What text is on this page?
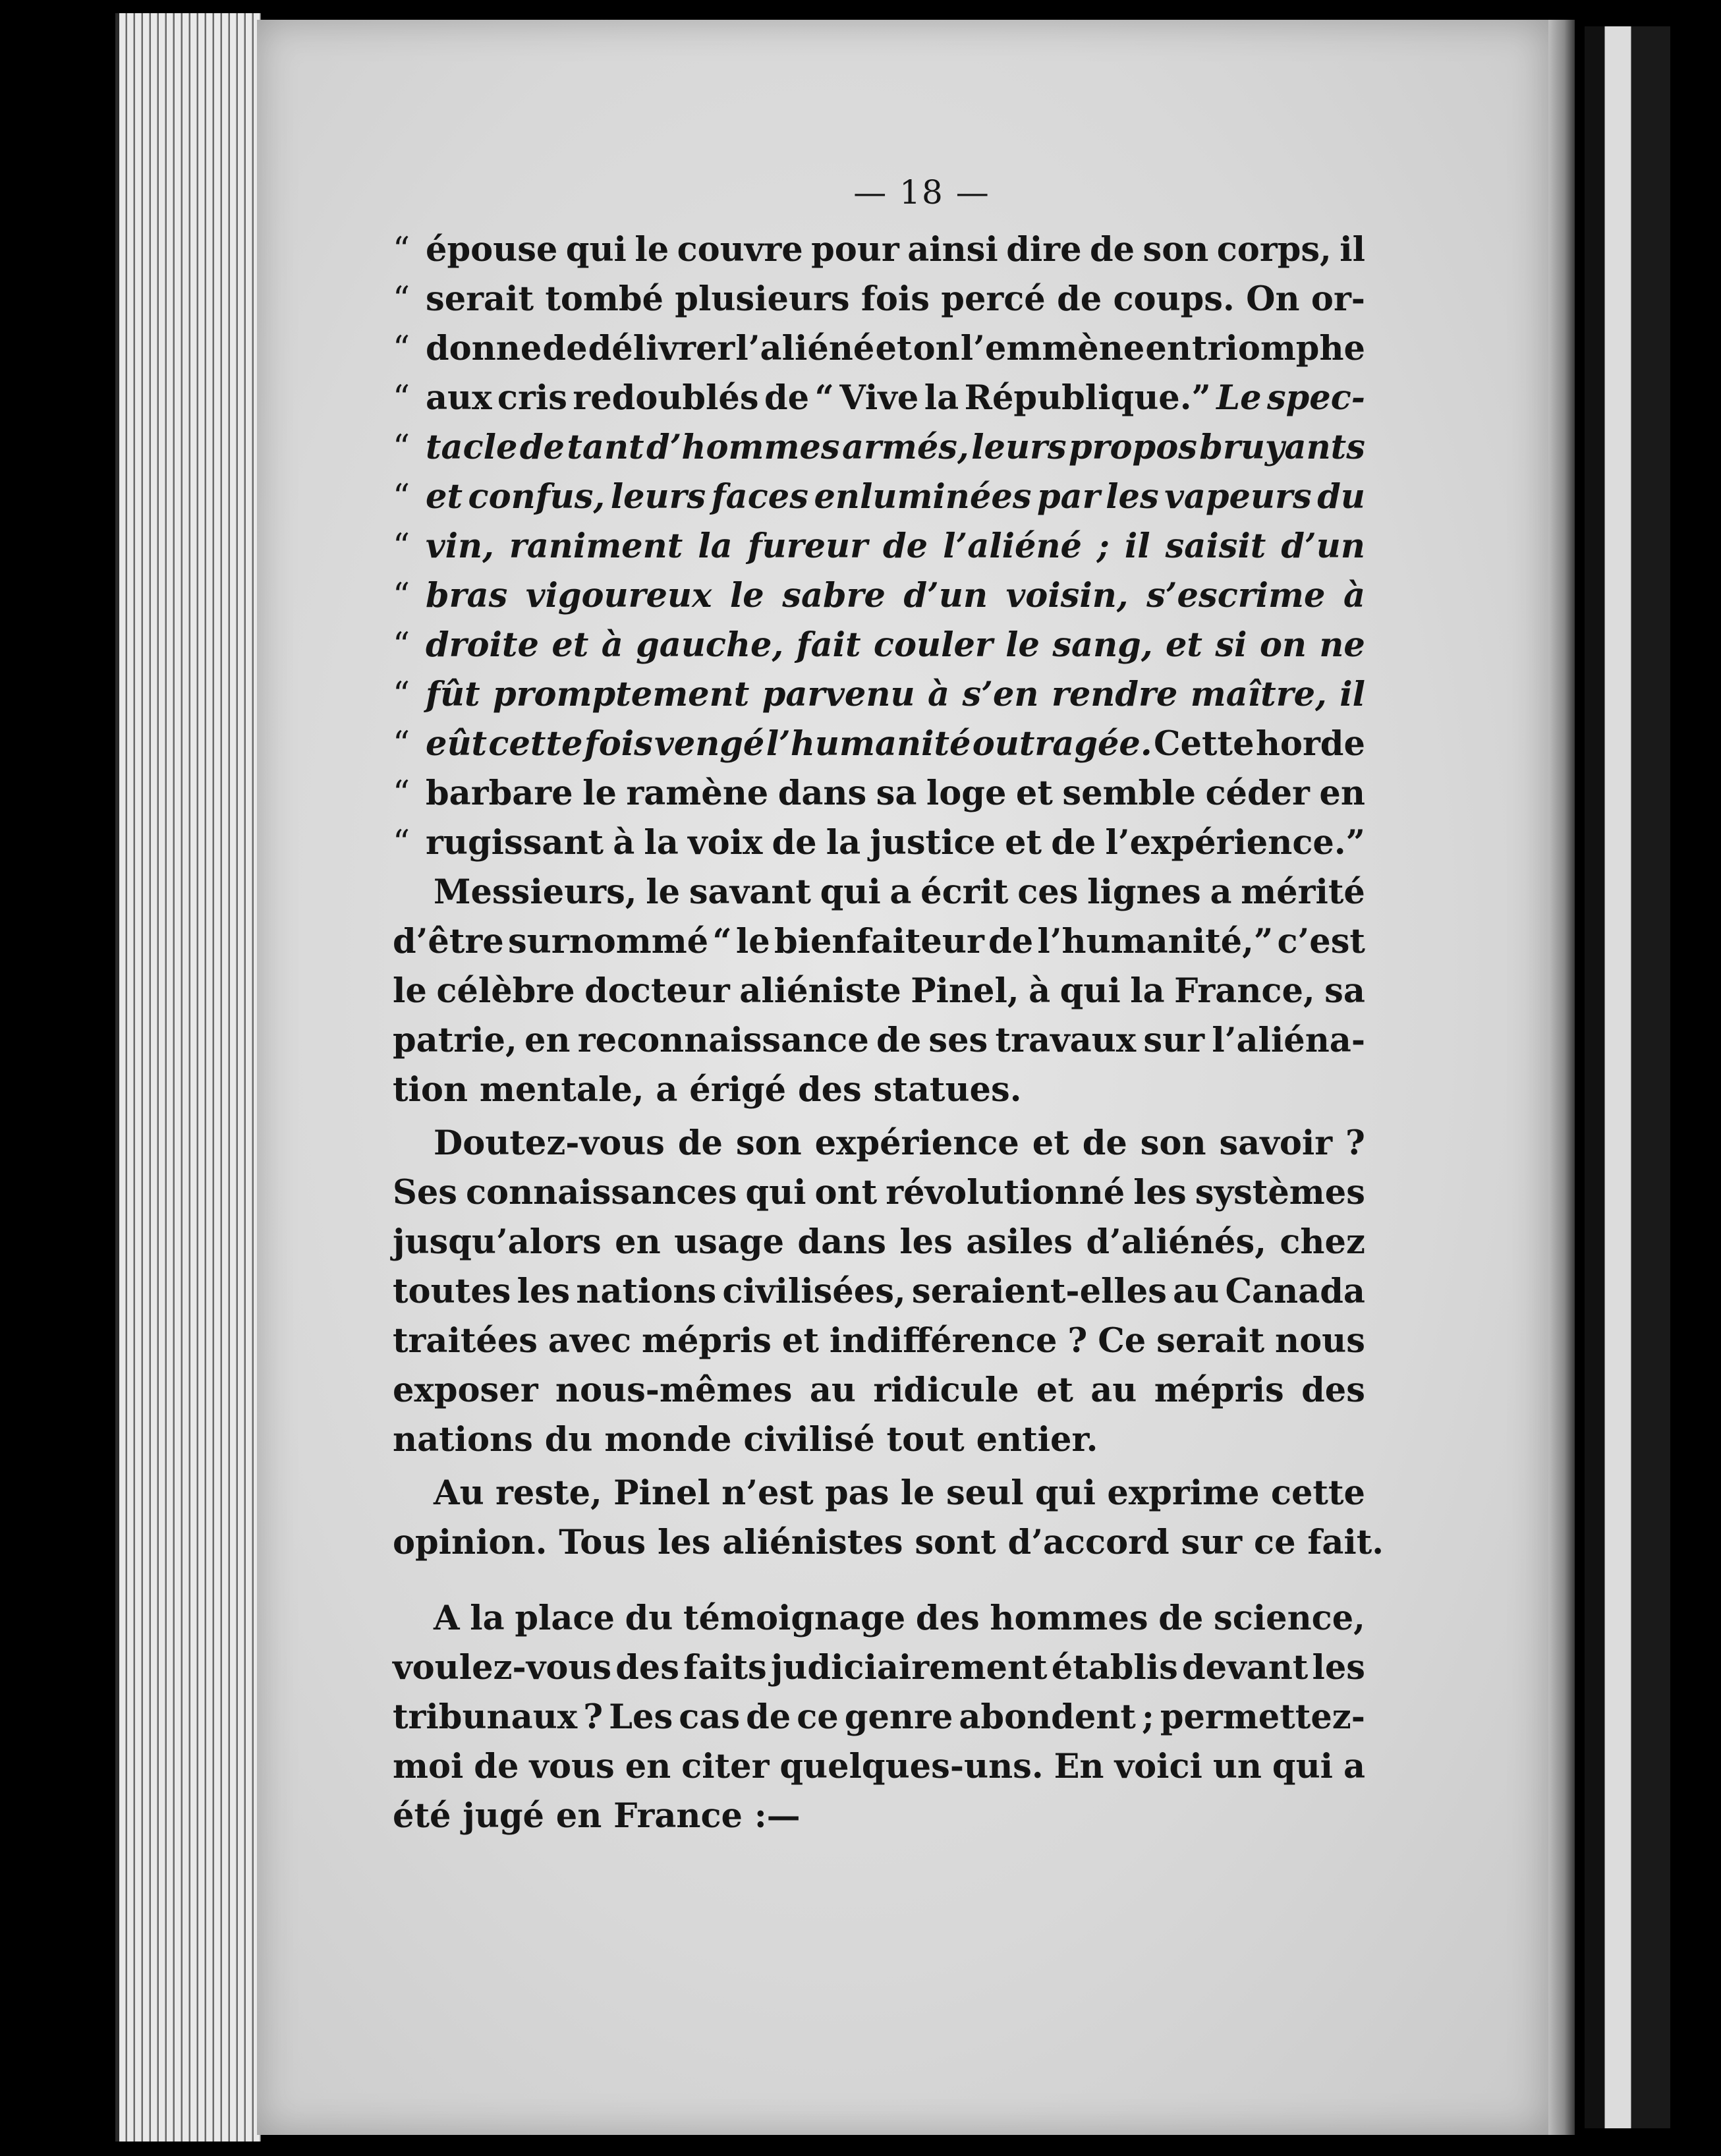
— 18 —
“ épouse qui le couvre pour ainsi dire de son corps, il
“ serait tombé plusieurs fois percé de coups. On or-
“ donne de délivrer l’aliéné et on l’emmène en triomphe
“ aux cris redoublés de “ Vive la République.” Le spec-
“ tacle de tant d’hommes armés, leurs propos bruyants
“ et confus, leurs faces enluminées par les vapeurs du
“ vin, raniment la fureur de l’aliéné ; il saisit d’un
“ bras vigoureux le sabre d’un voisin, s’escrime à
“ droite et à gauche, fait couler le sang, et si on ne
“ fût promptement parvenu à s’en rendre maître, il
“ eût cette fois vengé l’humanité outragée. Cette horde
“ barbare le ramène dans sa loge et semble céder en
“ rugissant à la voix de la justice et de l’expérience.”
Messieurs, le savant qui a écrit ces lignes a mérité
d’être surnommé “ le bienfaiteur de l’humanité,” c’est
le célèbre docteur aliéniste Pinel, à qui la France, sa
patrie, en reconnaissance de ses travaux sur l’aliéna-
tion mentale, a érigé des statues.
Doutez-vous de son expérience et de son savoir ?
Ses connaissances qui ont révolutionné les systèmes
jusqu’alors en usage dans les asiles d’aliénés, chez
toutes les nations civilisées, seraient-elles au Canada
traitées avec mépris et indifférence ? Ce serait nous
exposer nous-mêmes au ridicule et au mépris des
nations du monde civilisé tout entier.
Au reste, Pinel n’est pas le seul qui exprime cette
opinion. Tous les aliénistes sont d’accord sur ce fait.
A la place du témoignage des hommes de science,
voulez-vous des faits judiciairement établis devant les
tribunaux ? Les cas de ce genre abondent ; permettez-
moi de vous en citer quelques-uns. En voici un qui a
été jugé en France :—
